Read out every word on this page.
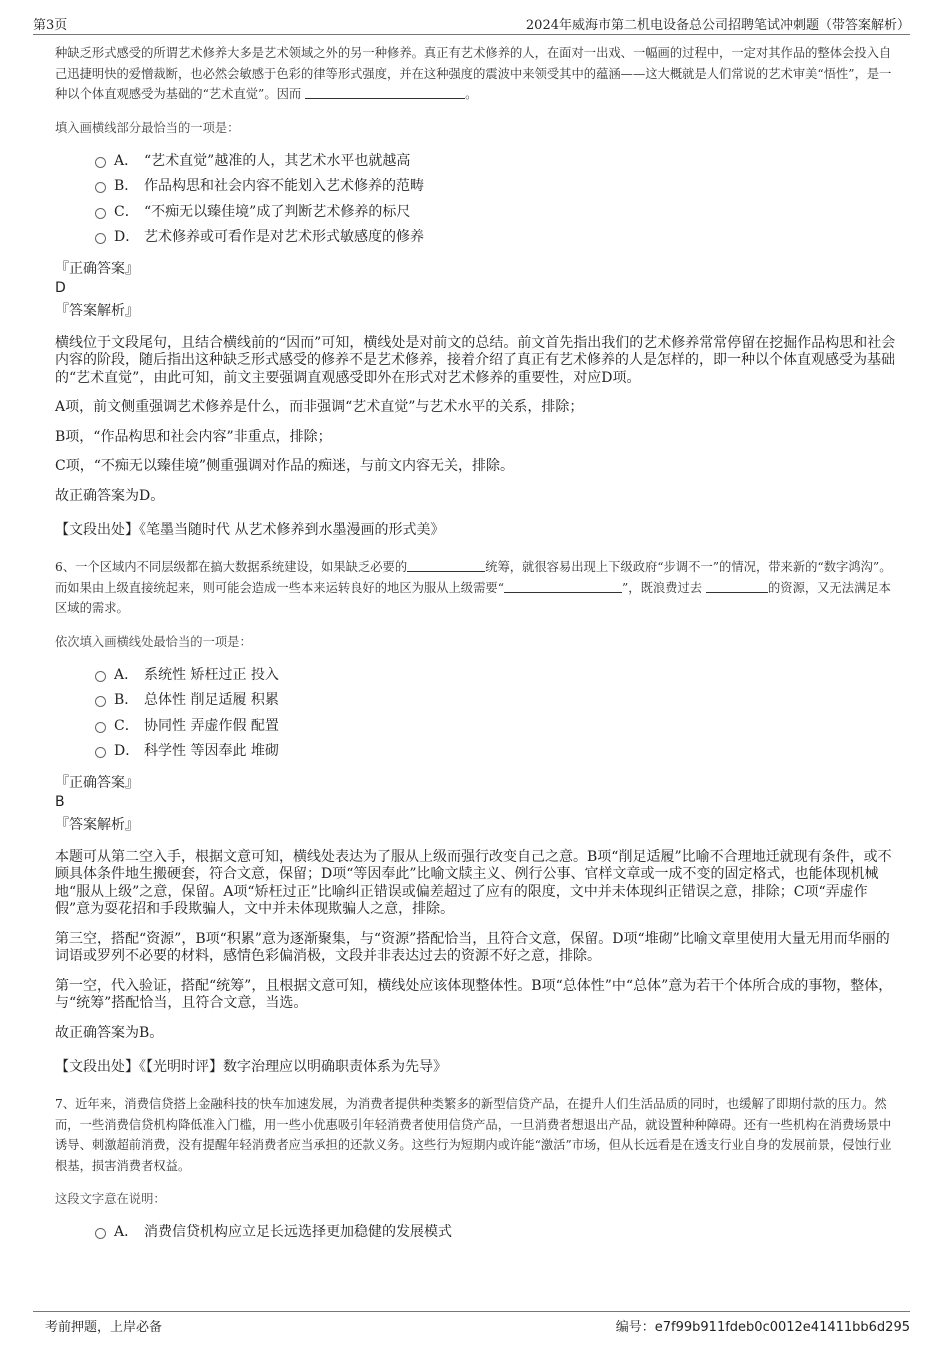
第3页	2024年威海市第二机电设备总公司招聘笔试冲刺题（带答案解析）

种缺乏形式感受的所谓艺术修养大多是艺术领域之外的另一种修养。真正有艺术修养的人，在面对一出戏、一幅画的过程中，一定对其作品的整体会投入自己迅捷明快的爱憎裁断，也必然会敏感于色彩的律等形式强度，并在这种强度的震波中来领受其中的蕴涵——这大概就是人们常说的艺术审美“悟性”，是一种以个体直观感受为基础的“艺术直觉”。因而	。

填入画横线部分最恰当的一项是：

A． “艺术直觉”越准的人，其艺术水平也就越高
B． 作品构思和社会内容不能划入艺术修养的范畴
C． “不痴无以臻佳境”成了判断艺术修养的标尺
D． 艺术修养或可看作是对艺术形式敏感度的修养

『正确答案』

D

『答案解析』

横线位于文段尾句，且结合横线前的“因而”可知，横线处是对前文的总结。前文首先指出我们的艺术修养常常停留在挖掘作品构思和社会内容的阶段，随后指出这种缺乏形式感受的修养不是艺术修养，接着介绍了真正有艺术修养的人是怎样的，即一种以个体直观感受为基础的“艺术直觉”，由此可知，前文主要强调直观感受即外在形式对艺术修养的重要性，对应D项。

A项，前文侧重强调艺术修养是什么，而非强调“艺术直觉”与艺术水平的关系，排除；

B项，“作品构思和社会内容”非重点，排除；

C项，“不痴无以臻佳境”侧重强调对作品的痴迷，与前文内容无关，排除。

故正确答案为D。

【文段出处】《笔墨当随时代 从艺术修养到水墨漫画的形式美》

6、一个区域内不同层级都在搞大数据系统建设，如果缺乏必要的	统筹，就很容易出现上下级政府“步调不一”的情况，带来新的“数字鸿沟”。而如果由上级直接统起来，则可能会造成一些本来运转良好的地区为服从上级需要“	”，既浪费过去	的资源，又无法满足本区域的需求。

依次填入画横线处最恰当的一项是：

A． 系统性 矫枉过正 投入
B． 总体性 削足适履 积累
C． 协同性 弄虚作假 配置
D． 科学性 等因奉此 堆砌

『正确答案』

B

『答案解析』

本题可从第二空入手，根据文意可知，横线处表达为了服从上级而强行改变自己之意。B项“削足适履”比喻不合理地迁就现有条件，或不顾具体条件地生搬硬套，符合文意，保留；D项“等因奉此”比喻文牍主义、例行公事、官样文章或一成不变的固定格式，也能体现机械地“服从上级”之意，保留。A项“矫枉过正”比喻纠正错误或偏差超过了应有的限度，文中并未体现纠正错误之意，排除；C项“弄虚作假”意为耍花招和手段欺骗人，文中并未体现欺骗人之意，排除。

第三空，搭配“资源”，B项“积累”意为逐渐聚集，与“资源”搭配恰当，且符合文意，保留。D项“堆砌”比喻文章里使用大量无用而华丽的词语或罗列不必要的材料，感情色彩偏消极，文段并非表达过去的资源不好之意，排除。

第一空，代入验证，搭配“统筹”，且根据文意可知，横线处应该体现整体性。B项“总体性”中“总体”意为若干个体所合成的事物，整体，与“统筹”搭配恰当，且符合文意，当选。

故正确答案为B。

【文段出处】《【光明时评】数字治理应以明确职责体系为先导》

7、近年来，消费信贷搭上金融科技的快车加速发展，为消费者提供种类繁多的新型信贷产品，在提升人们生活品质的同时，也缓解了即期付款的压力。然而，一些消费信贷机构降低准入门槛，用一些小优惠吸引年轻消费者使用信贷产品，一旦消费者想退出产品，就设置种种障碍。还有一些机构在消费场景中诱导、刺激超前消费，没有提醒年轻消费者应当承担的还款义务。这些行为短期内或许能“激活”市场，但从长远看是在透支行业自身的发展前景，侵蚀行业根基，损害消费者权益。

这段文字意在说明：

A． 消费信贷机构应立足长远选择更加稳健的发展模式
考前押题，上岸必备	编号：e7f99b911fdeb0c0012e41411bb6d295
